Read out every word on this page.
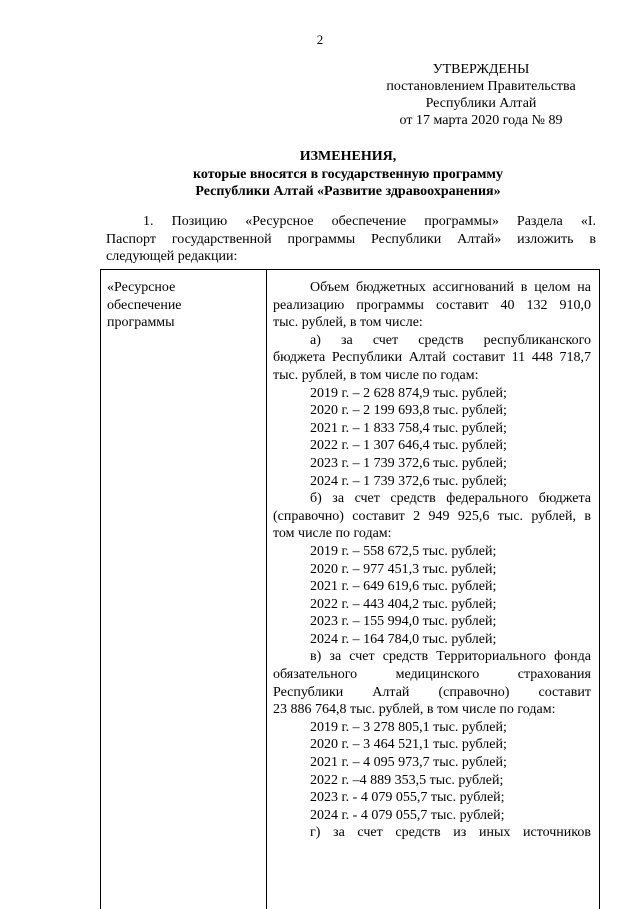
2
УТВЕРЖДЕНЫ
постановлением Правительства
Республики Алтай
от 17 марта 2020 года № 89
ИЗМЕНЕНИЯ,
которые вносятся в государственную программу
Республики Алтай «Развитие здравоохранения»
1. Позицию «Ресурсное обеспечение программы» Раздела «I.
Паспорт государственной программы Республики Алтай» изложить в
следующей редакции:
«Ресурсное
обеспечение
программы
Объем бюджетных ассигнований в целом на
реализацию программы составит 40 132 910,0
тыс. рублей, в том числе:
а) за счет средств республиканского
бюджета Республики Алтай составит 11 448 718,7
тыс. рублей, в том числе по годам:
2019 г. – 2 628 874,9 тыс. рублей;
2020 г. – 2 199 693,8 тыс. рублей;
2021 г. – 1 833 758,4 тыс. рублей;
2022 г. – 1 307 646,4 тыс. рублей;
2023 г. – 1 739 372,6 тыс. рублей;
2024 г. – 1 739 372,6 тыс. рублей;
б) за счет средств федерального бюджета
(справочно) составит 2 949 925,6 тыс. рублей, в
том числе по годам:
2019 г. – 558 672,5 тыс. рублей;
2020 г. – 977 451,3 тыс. рублей;
2021 г. – 649 619,6 тыс. рублей;
2022 г. – 443 404,2 тыс. рублей;
2023 г. – 155 994,0 тыс. рублей;
2024 г. – 164 784,0 тыс. рублей;
в) за счет средств Территориального фонда
обязательного медицинского страхования
Республики Алтай (справочно) составит
23 886 764,8 тыс. рублей, в том числе по годам:
2019 г. – 3 278 805,1 тыс. рублей;
2020 г. – 3 464 521,1 тыс. рублей;
2021 г. – 4 095 973,7 тыс. рублей;
2022 г. –4 889 353,5 тыс. рублей;
2023 г. - 4 079 055,7 тыс. рублей;
2024 г. - 4 079 055,7 тыс. рублей;
г) за счет средств из иных источников
